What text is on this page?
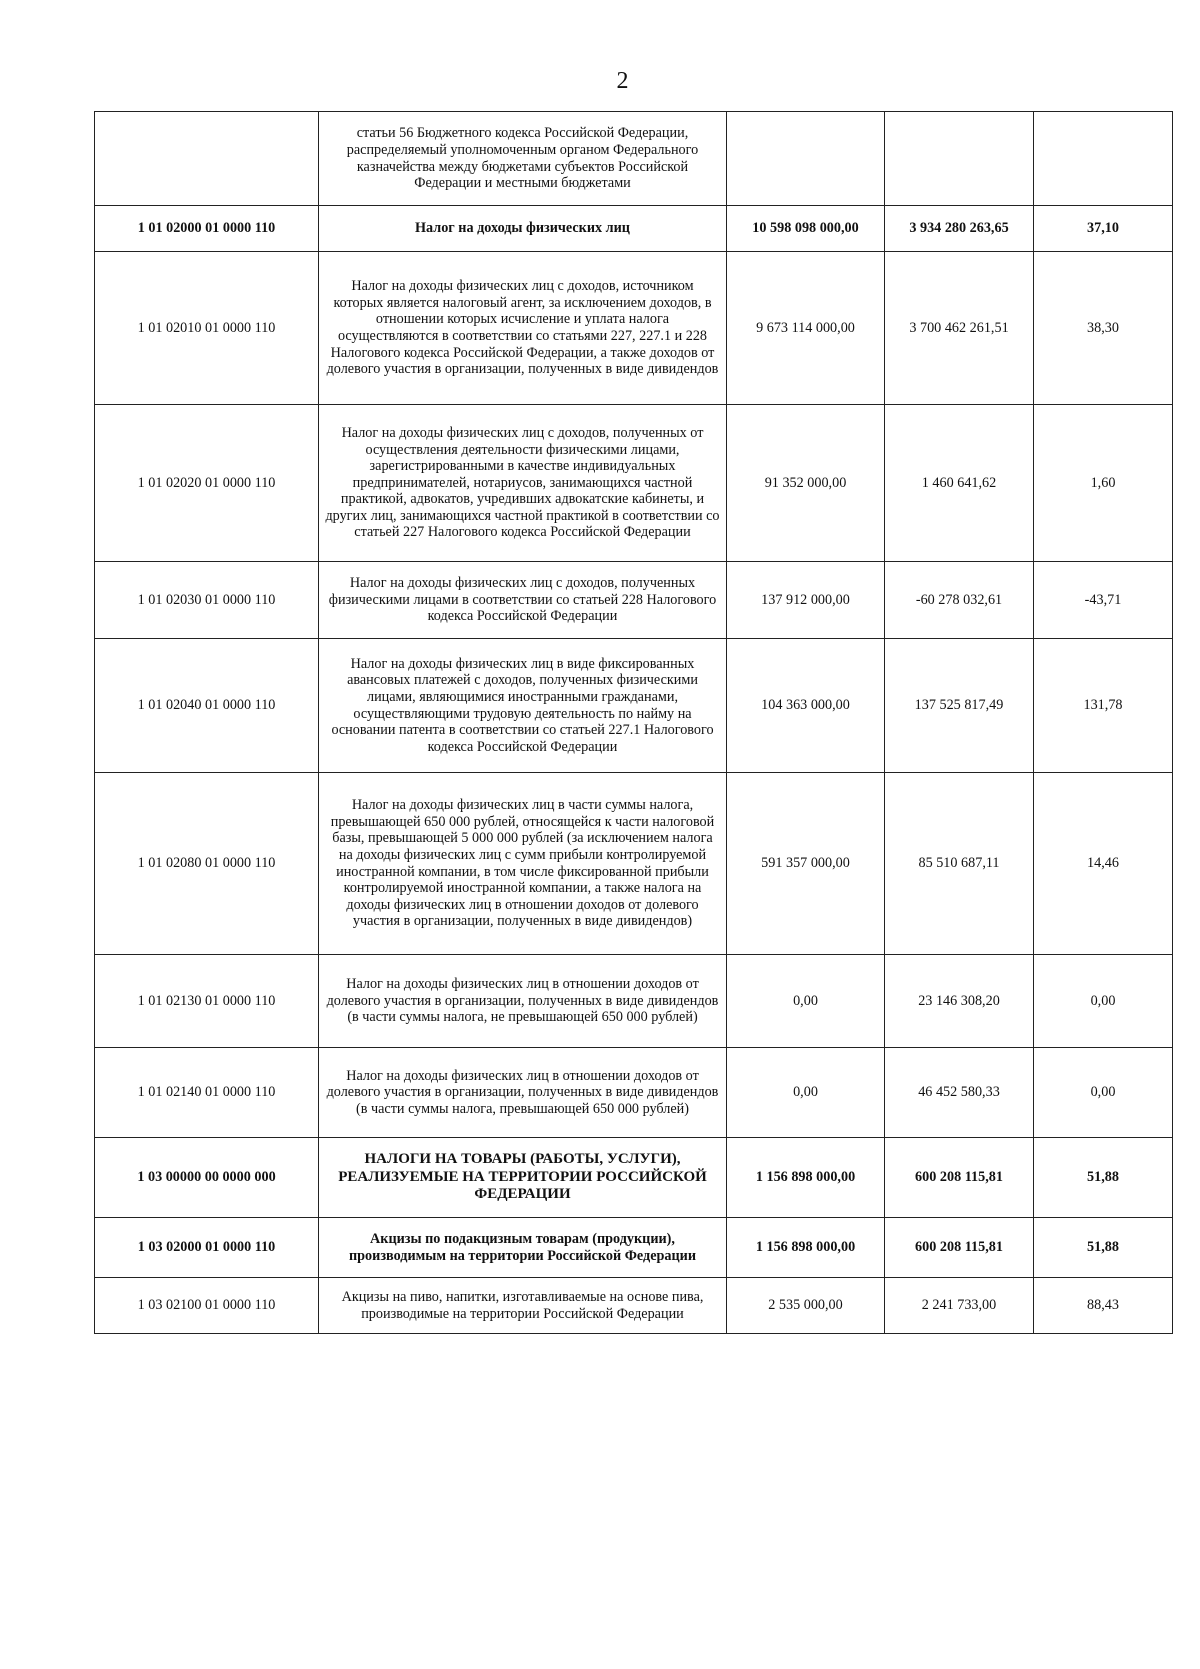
2
	статьи 56 Бюджетного кодекса Российской Федерации, распределяемый уполномоченным органом Федерального казначейства между бюджетами субъектов Российской Федерации и местными бюджетами			
1 01 02000 01 0000 110	Налог на доходы физических лиц	10 598 098 000,00	3 934 280 263,65	37,10
1 01 02010 01 0000 110	Налог на доходы физических лиц с доходов, источником которых является налоговый агент, за исключением доходов, в отношении которых исчисление и уплата налога осуществляются в соответствии со статьями 227, 227.1 и 228 Налогового кодекса Российской Федерации, а также доходов от долевого участия в организации, полученных в виде дивидендов	9 673 114 000,00	3 700 462 261,51	38,30
1 01 02020 01 0000 110	Налог на доходы физических лиц с доходов, полученных от осуществления деятельности физическими лицами, зарегистрированными в качестве индивидуальных предпринимателей, нотариусов, занимающихся частной практикой, адвокатов, учредивших адвокатские кабинеты, и других лиц, занимающихся частной практикой в соответствии со статьей 227 Налогового кодекса Российской Федерации	91 352 000,00	1 460 641,62	1,60
1 01 02030 01 0000 110	Налог на доходы физических лиц с доходов, полученных физическими лицами в соответствии со статьей 228 Налогового кодекса Российской Федерации	137 912 000,00	-60 278 032,61	-43,71
1 01 02040 01 0000 110	Налог на доходы физических лиц в виде фиксированных авансовых платежей с доходов, полученных физическими лицами, являющимися иностранными гражданами, осуществляющими трудовую деятельность по найму на основании патента в соответствии со статьей 227.1 Налогового кодекса Российской Федерации	104 363 000,00	137 525 817,49	131,78
1 01 02080 01 0000 110	Налог на доходы физических лиц в части суммы налога, превышающей 650 000 рублей, относящейся к части налоговой базы, превышающей 5 000 000 рублей (за исключением налога на доходы физических лиц с сумм прибыли контролируемой иностранной компании, в том числе фиксированной прибыли контролируемой иностранной компании, а также налога на доходы физических лиц в отношении доходов от долевого участия в организации, полученных в виде дивидендов)	591 357 000,00	85 510 687,11	14,46
1 01 02130 01 0000 110	Налог на доходы физических лиц в отношении доходов от долевого участия в организации, полученных в виде дивидендов (в части суммы налога, не превышающей 650 000 рублей)	0,00	23 146 308,20	0,00
1 01 02140 01 0000 110	Налог на доходы физических лиц в отношении доходов от долевого участия в организации, полученных в виде дивидендов (в части суммы налога, превышающей 650 000 рублей)	0,00	46 452 580,33	0,00
1 03 00000 00 0000 000	НАЛОГИ НА ТОВАРЫ (РАБОТЫ, УСЛУГИ), РЕАЛИЗУЕМЫЕ НА ТЕРРИТОРИИ РОССИЙСКОЙ ФЕДЕРАЦИИ	1 156 898 000,00	600 208 115,81	51,88
1 03 02000 01 0000 110	Акцизы по подакцизным товарам (продукции), производимым на территории Российской Федерации	1 156 898 000,00	600 208 115,81	51,88
1 03 02100 01 0000 110	Акцизы на пиво, напитки, изготавливаемые на основе пива, производимые на территории Российской Федерации	2 535 000,00	2 241 733,00	88,43
